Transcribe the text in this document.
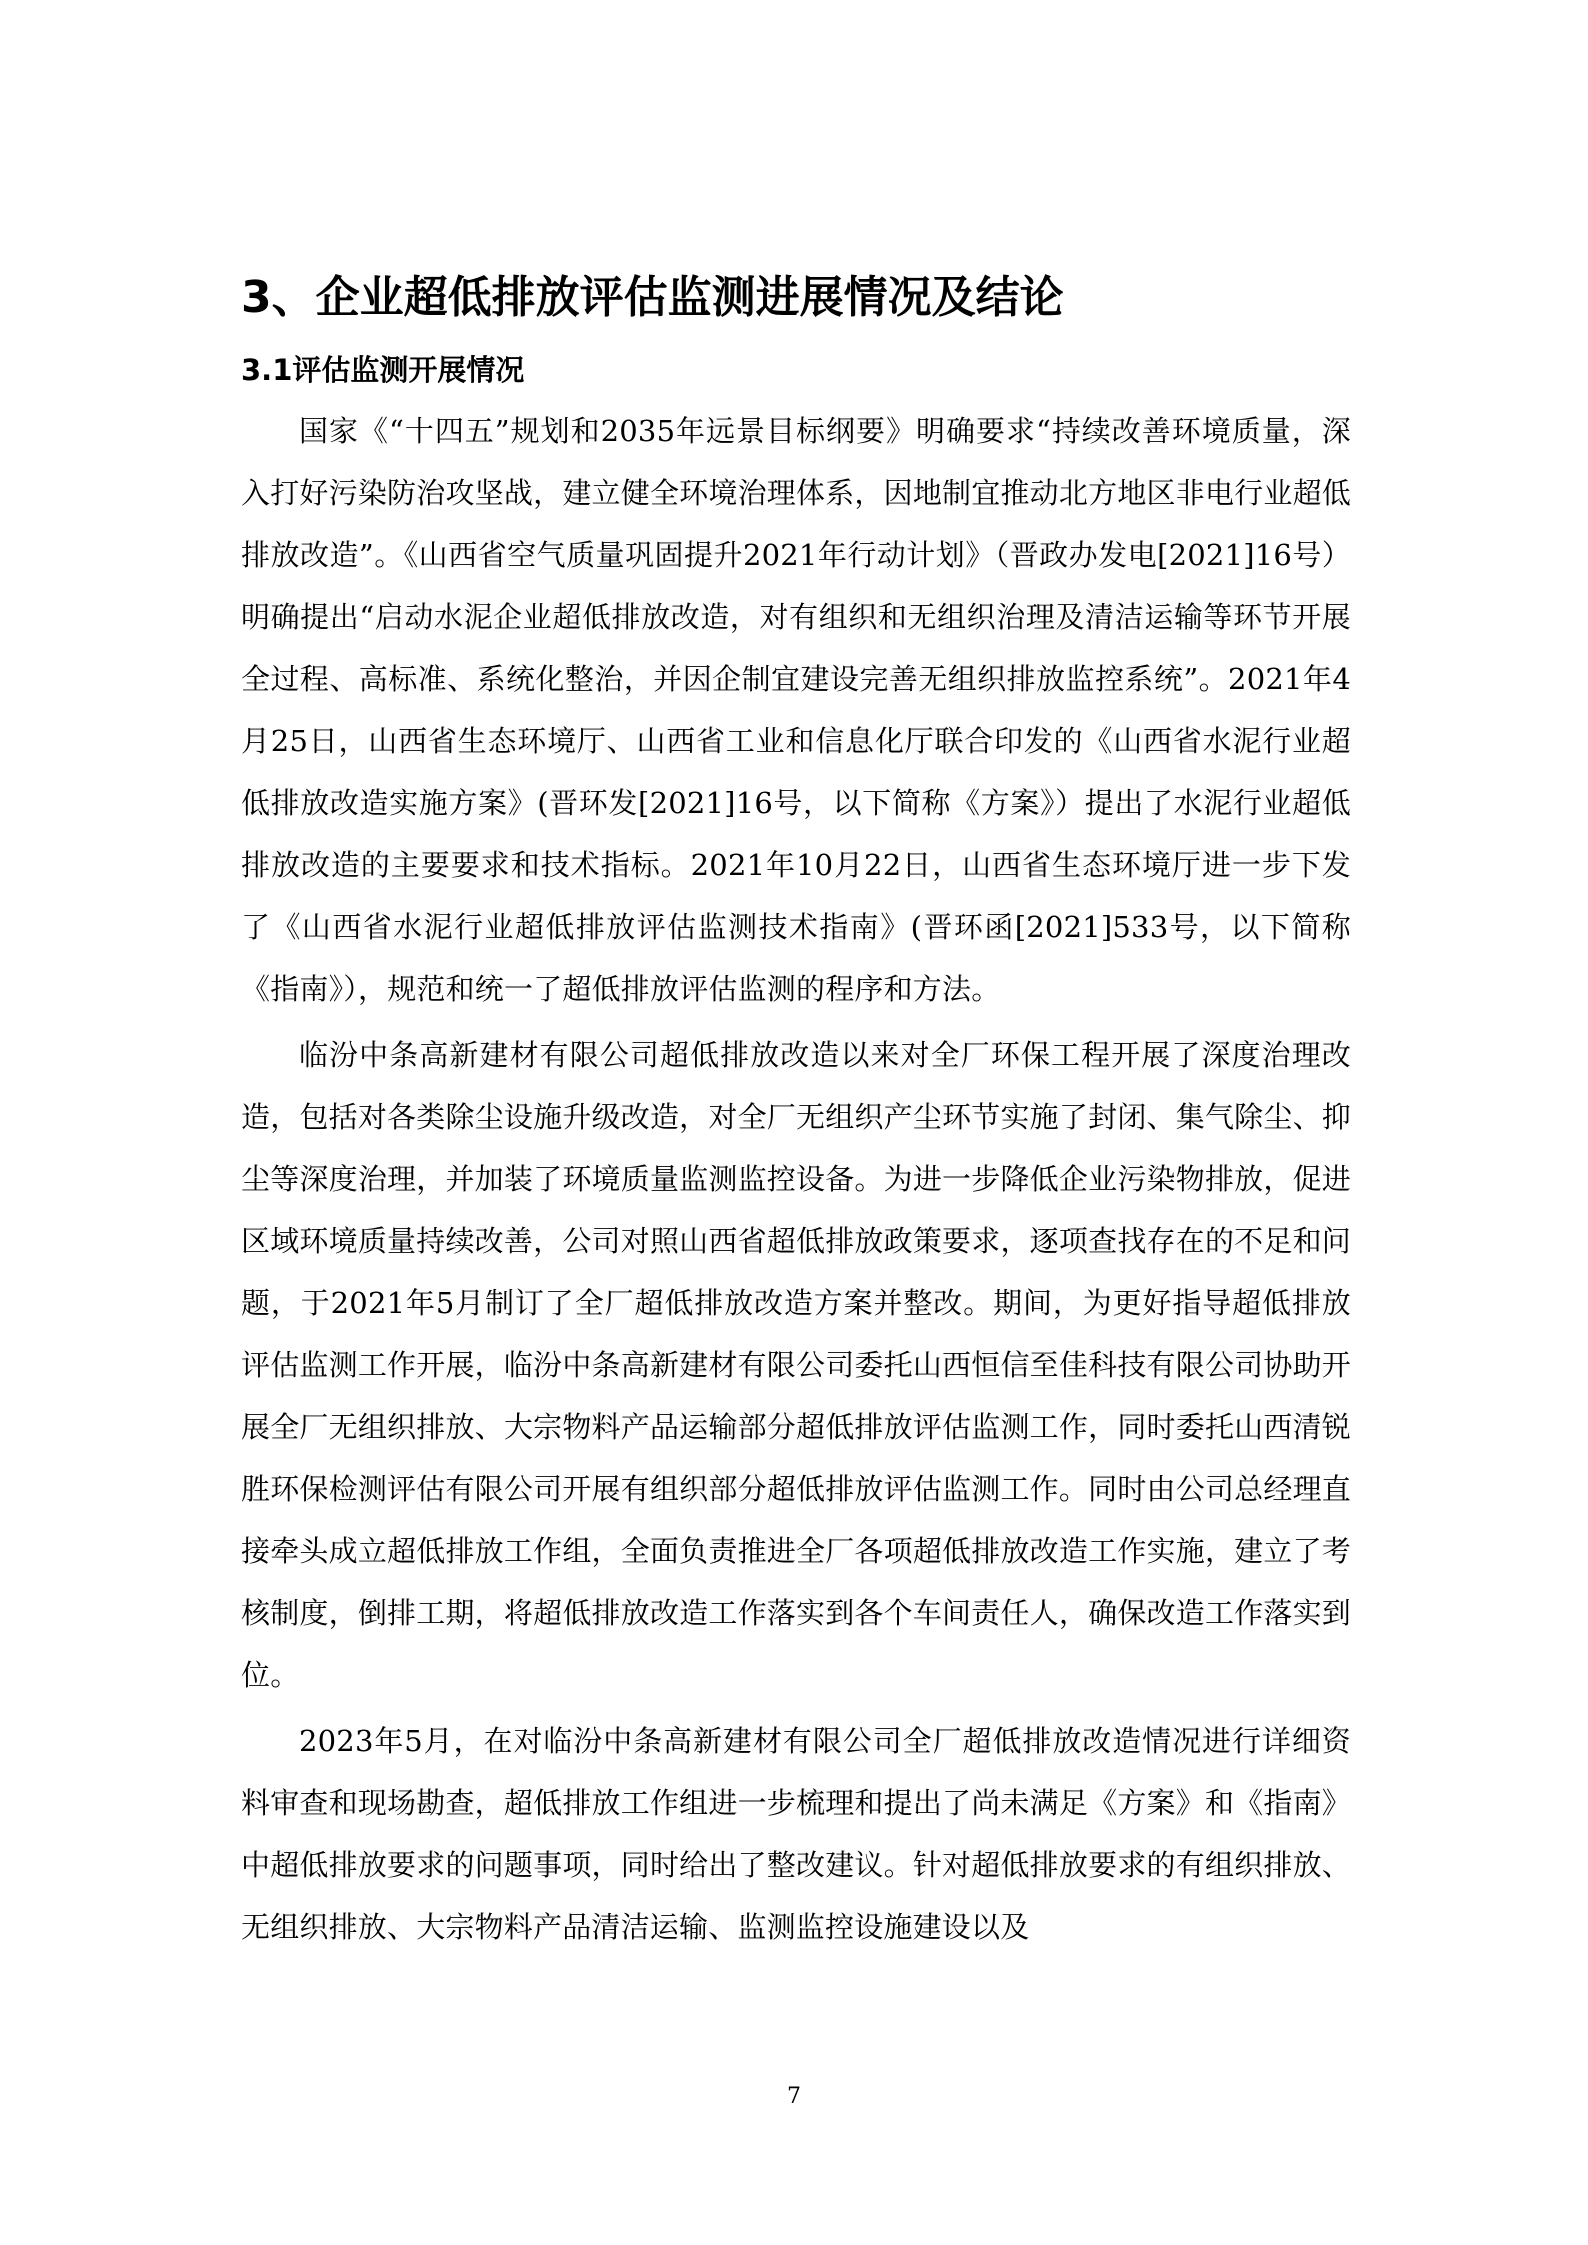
3、企业超低排放评估监测进展情况及结论
3.1评估监测开展情况

国家《“十四五”规划和2035年远景目标纲要》明确要求“持续改善环境质量，深入打好污染防治攻坚战，建立健全环境治理体系，因地制宜推动北方地区非电行业超低排放改造”。《山西省空气质量巩固提升2021年行动计划》（晋政办发电[2021]16号）明确提出“启动水泥企业超低排放改造，对有组织和无组织治理及清洁运输等环节开展全过程、高标准、系统化整治，并因企制宜建设完善无组织排放监控系统”。2021年4月25日，山西省生态环境厅、山西省工业和信息化厅联合印发的《山西省水泥行业超低排放改造实施方案》(晋环发[2021]16号，以下简称《方案》）提出了水泥行业超低排放改造的主要要求和技术指标。2021年10月22日，山西省生态环境厅进一步下发了《山西省水泥行业超低排放评估监测技术指南》(晋环函[2021]533号，以下简称《指南》），规范和统一了超低排放评估监测的程序和方法。

临汾中条高新建材有限公司超低排放改造以来对全厂环保工程开展了深度治理改造，包括对各类除尘设施升级改造，对全厂无组织产尘环节实施了封闭、集气除尘、抑尘等深度治理，并加装了环境质量监测监控设备。为进一步降低企业污染物排放，促进区域环境质量持续改善，公司对照山西省超低排放政策要求，逐项查找存在的不足和问题，于2021年5月制订了全厂超低排放改造方案并整改。期间，为更好指导超低排放评估监测工作开展，临汾中条高新建材有限公司委托山西恒信至佳科技有限公司协助开展全厂无组织排放、大宗物料产品运输部分超低排放评估监测工作，同时委托山西清锐胜环保检测评估有限公司开展有组织部分超低排放评估监测工作。同时由公司总经理直接牵头成立超低排放工作组，全面负责推进全厂各项超低排放改造工作实施，建立了考核制度，倒排工期，将超低排放改造工作落实到各个车间责任人，确保改造工作落实到位。

2023年5月，在对临汾中条高新建材有限公司全厂超低排放改造情况进行详细资料审查和现场勘查，超低排放工作组进一步梳理和提出了尚未满足《方案》和《指南》中超低排放要求的问题事项，同时给出了整改建议。针对超低排放要求的有组织排放、无组织排放、大宗物料产品清洁运输、监测监控设施建设以及

7
